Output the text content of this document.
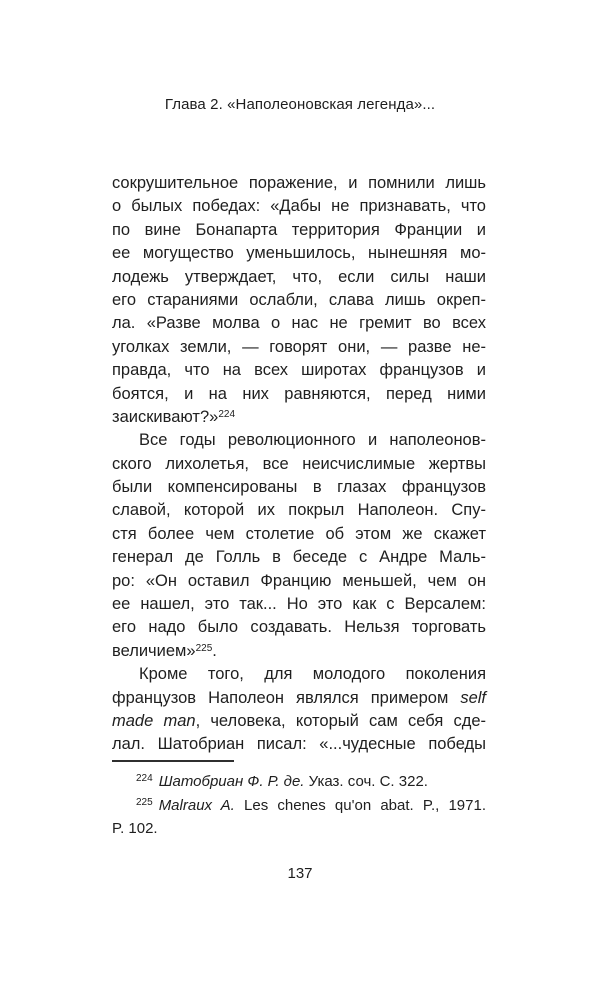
Глава 2. «Наполеоновская легенда»...
сокрушительное поражение, и помнили лишь
о былых победах: «Дабы не признавать, что
по вине Бонапарта территория Франции и
ее могущество уменьшилось, нынешняя мо-
лодежь утверждает, что, если силы наши
его стараниями ослабли, слава лишь окреп-
ла. «Разве молва о нас не гремит во всех
уголках земли, — говорят они, — разве не-
правда, что на всех широтах французов и
боятся, и на них равняются, перед ними
заискивают?»$^{224}$
Все годы революционного и наполеонов-
ского лихолетья, все неисчислимые жертвы
были компенсированы в глазах французов
славой, которой их покрыл Наполеон. Спу-
стя более чем столетие об этом же скажет
генерал де Голль в беседе с Андре Маль-
ро: «Он оставил Францию меньшей, чем он
ее нашел, это так... Но это как с Версалем:
его надо было создавать. Нельзя торговать
величием»$^{225}$.
Кроме того, для молодого поколения
французов Наполеон являлся примером self
made man, человека, который сам себя сде-
лал. Шатобриан писал: «...чудесные победы
$^{224}$ Шатобриан Ф. Р. де. Указ. соч. С. 322.
$^{225}$ Malraux A. Les chenes qu'on abat. P., 1971.
P. 102.
137
